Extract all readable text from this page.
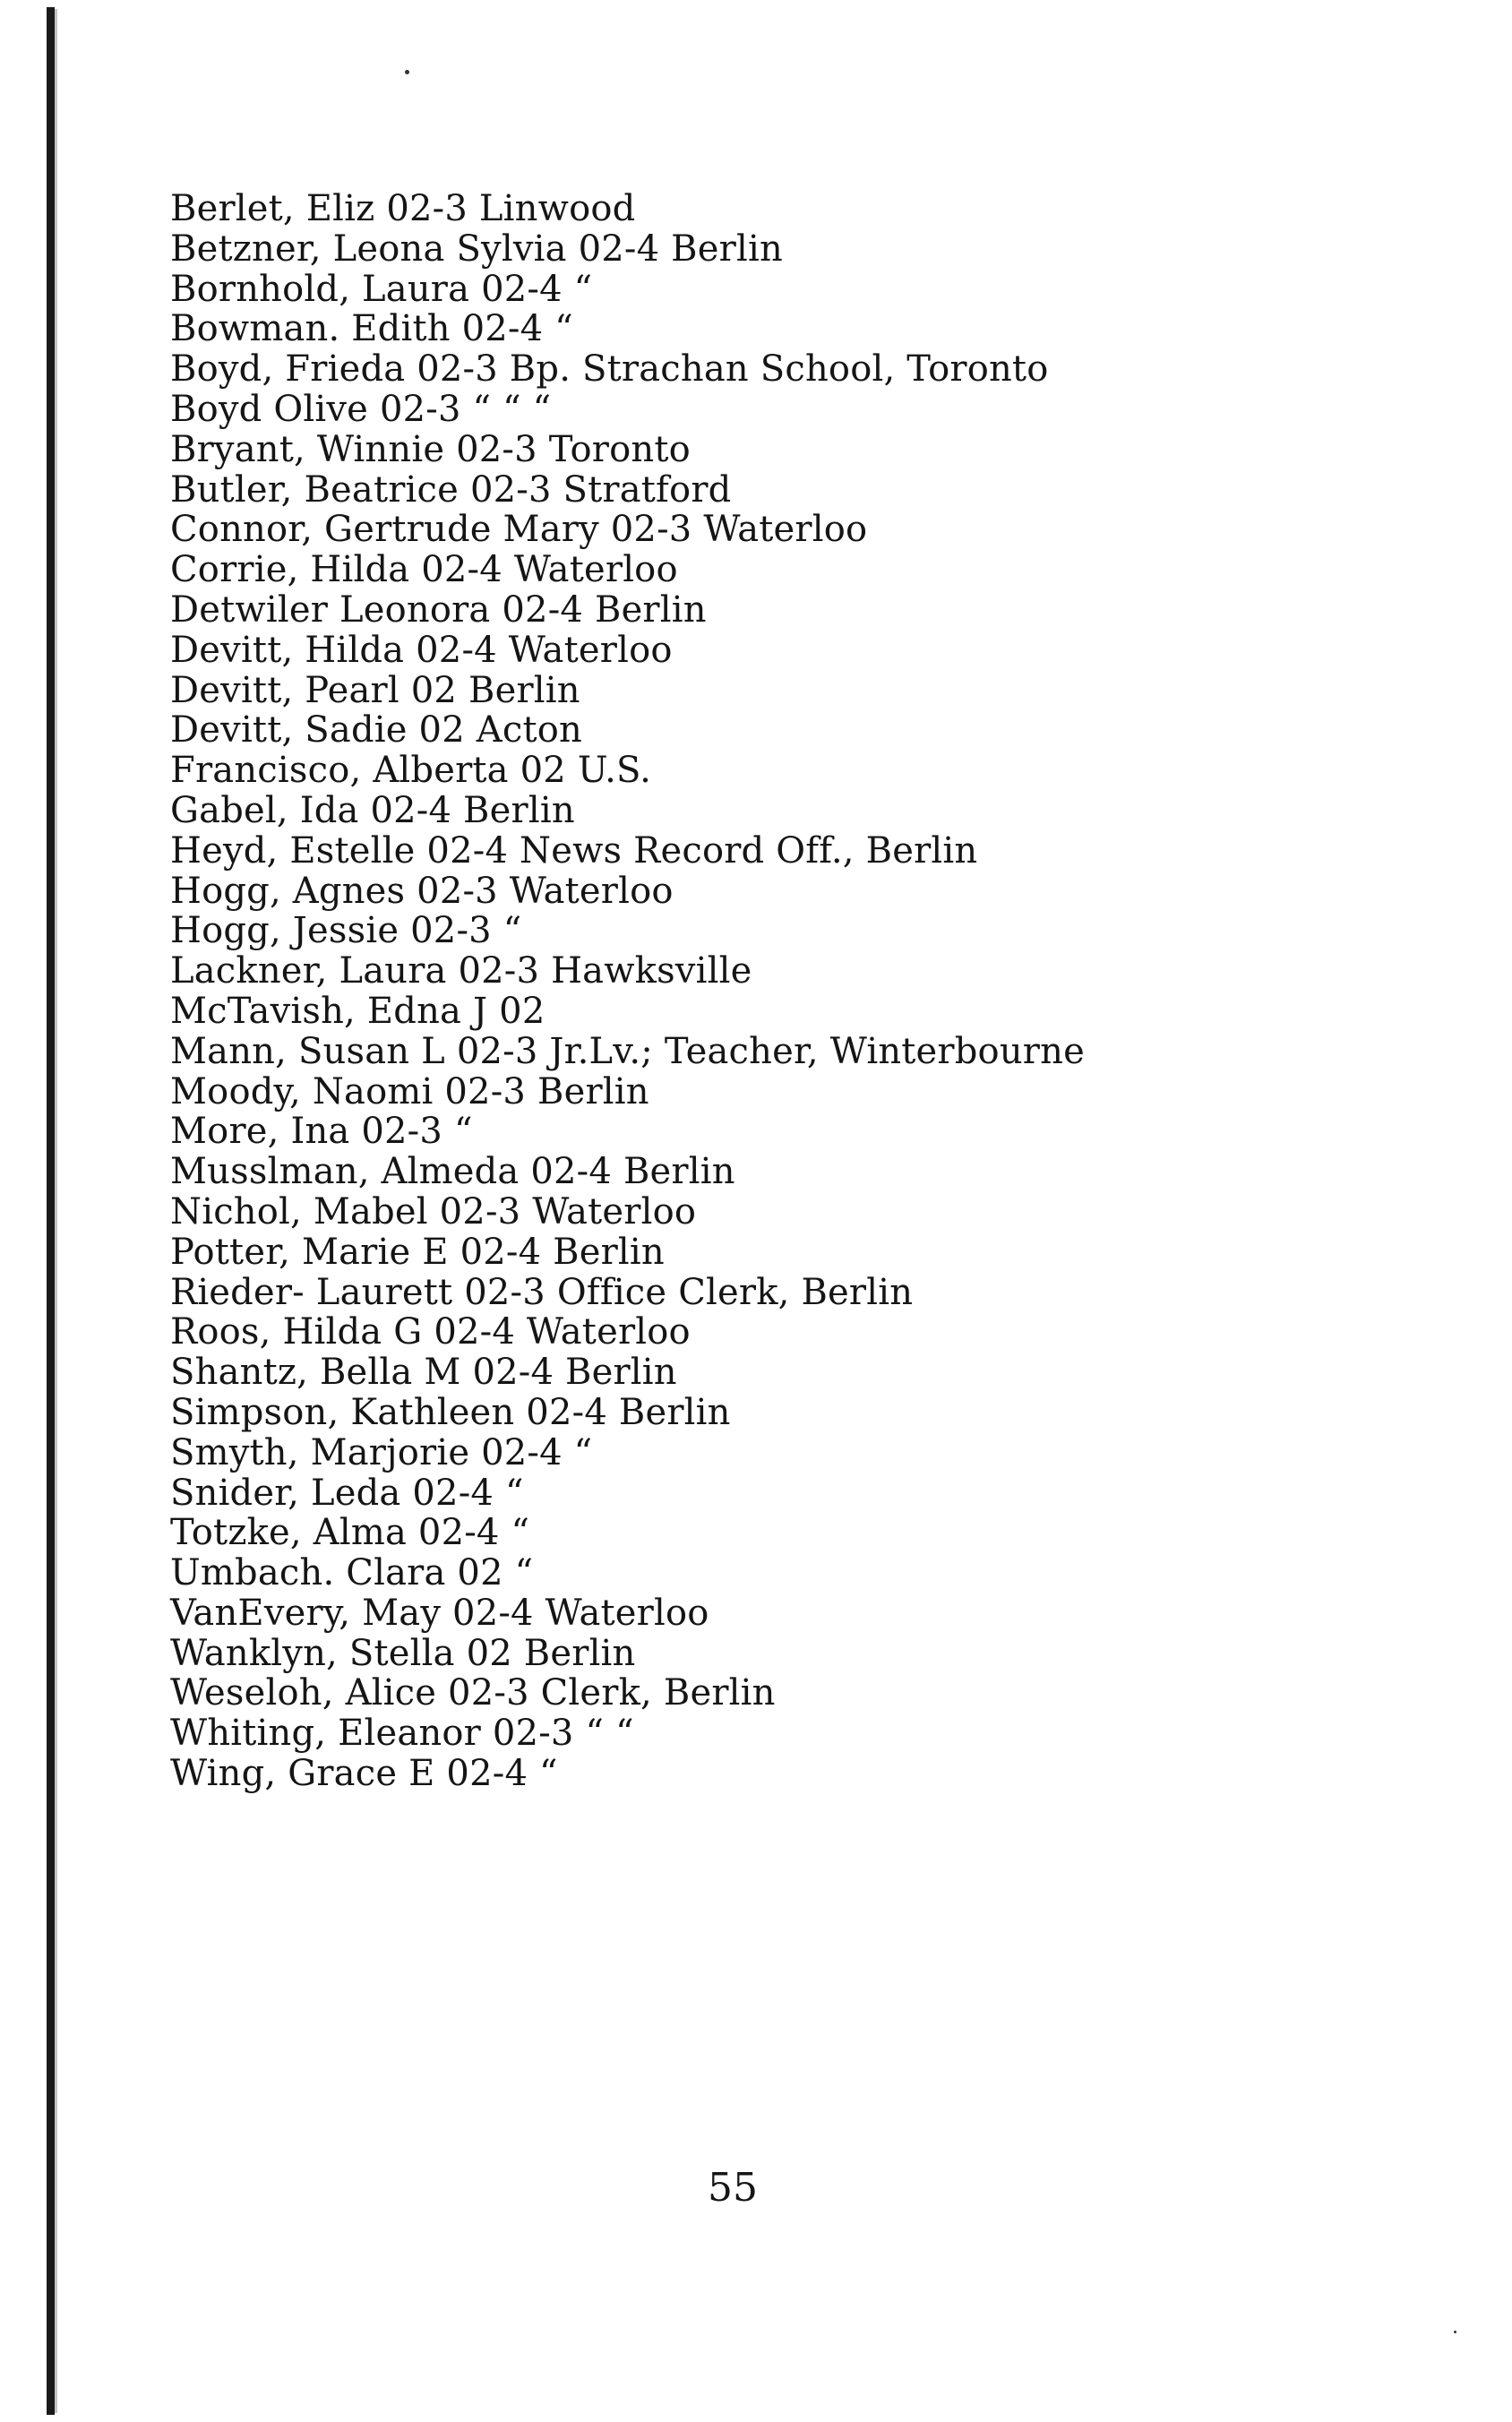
Berlet, Eliz 02-3 Linwood
Betzner, Leona Sylvia 02-4 Berlin
Bornhold, Laura 02-4 “
Bowman. Edith 02-4 “
Boyd, Frieda 02-3 Bp. Strachan School, Toronto
Boyd Olive 02-3 “ “ “
Bryant, Winnie 02-3 Toronto
Butler, Beatrice 02-3 Stratford
Connor, Gertrude Mary 02-3 Waterloo
Corrie, Hilda 02-4 Waterloo
Detwiler Leonora 02-4 Berlin
Devitt, Hilda 02-4 Waterloo
Devitt, Pearl 02 Berlin
Devitt, Sadie 02 Acton
Francisco, Alberta 02 U.S.
Gabel, Ida 02-4 Berlin
Heyd, Estelle 02-4 News Record Off., Berlin
Hogg, Agnes 02-3 Waterloo
Hogg, Jessie 02-3 “
Lackner, Laura 02-3 Hawksville
McTavish, Edna J 02
Mann, Susan L 02-3 Jr.Lv.; Teacher, Winterbourne
Moody, Naomi 02-3 Berlin
More, Ina 02-3 “
Musslman, Almeda 02-4 Berlin
Nichol, Mabel 02-3 Waterloo
Potter, Marie E 02-4 Berlin
Rieder- Laurett 02-3 Office Clerk, Berlin
Roos, Hilda G 02-4 Waterloo
Shantz, Bella M 02-4 Berlin
Simpson, Kathleen 02-4 Berlin
Smyth, Marjorie 02-4 “
Snider, Leda 02-4 “
Totzke, Alma 02-4 “
Umbach. Clara 02 “
VanEvery, May 02-4 Waterloo
Wanklyn, Stella 02 Berlin
Weseloh, Alice 02-3 Clerk, Berlin
Whiting, Eleanor 02-3 “ “
Wing, Grace E 02-4 “
55
